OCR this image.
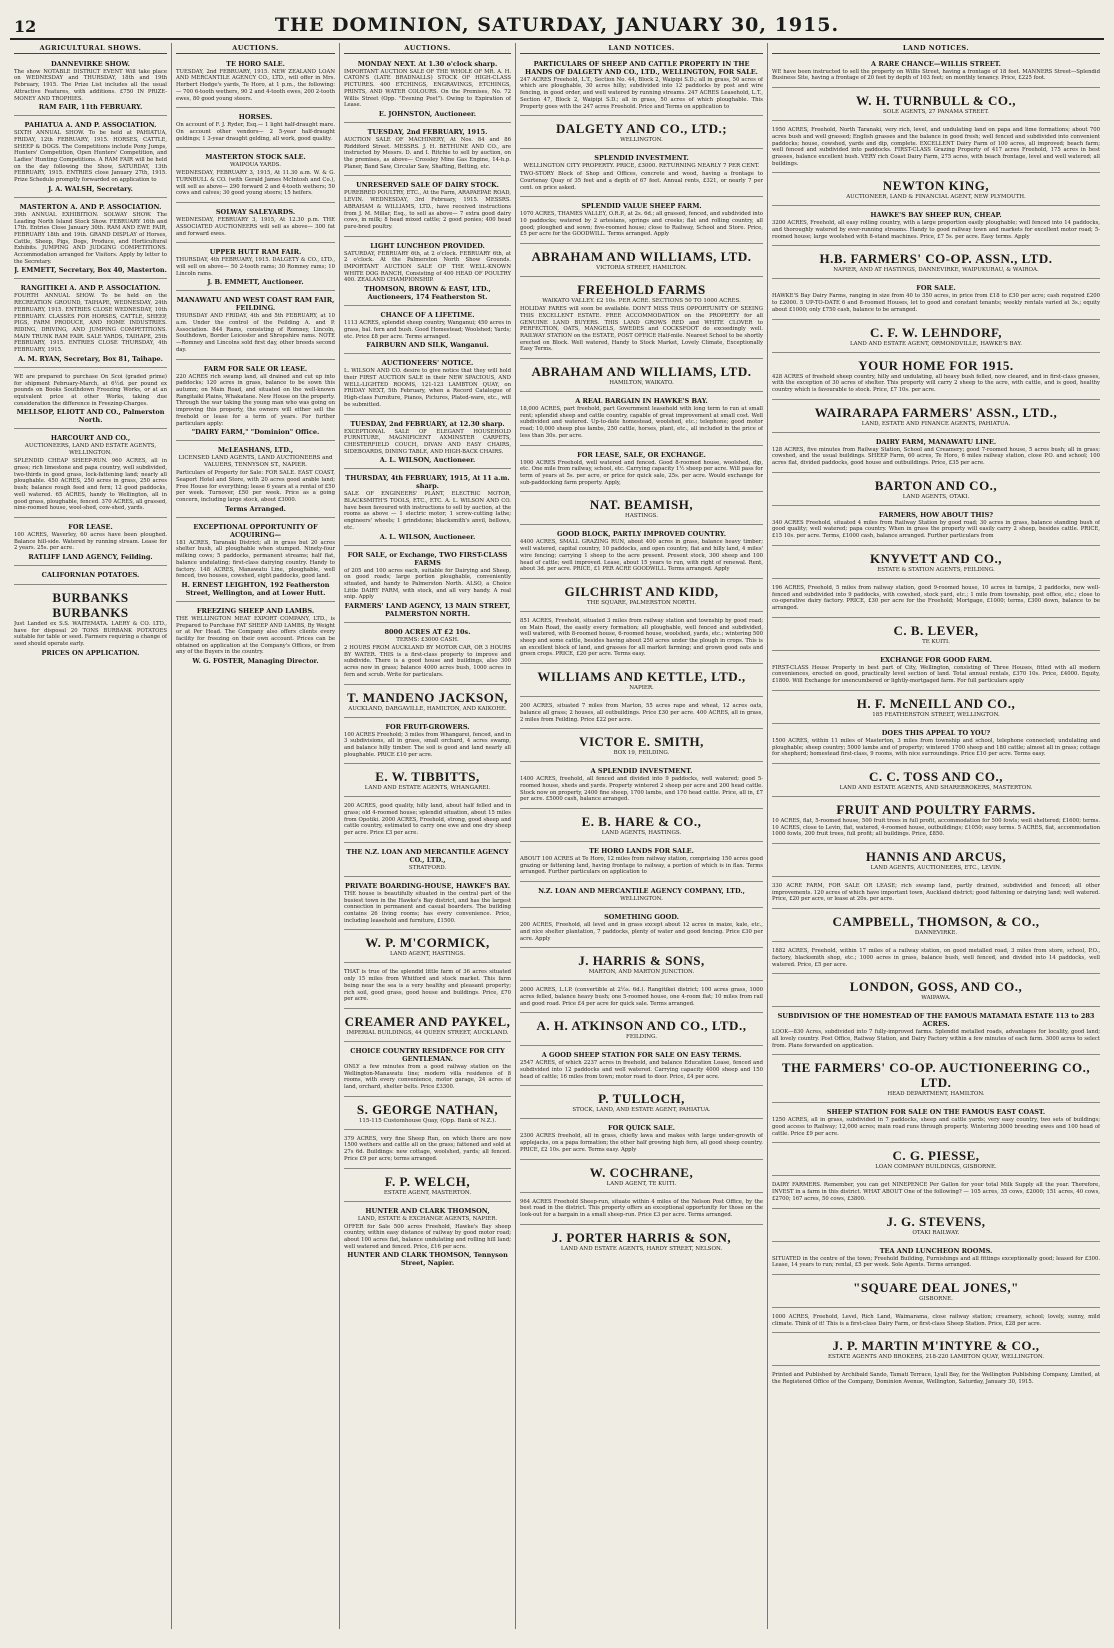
12	THE DOMINION, SATURDAY, JANUARY 30, 1915.
AGRICULTURAL SHOWS.
DANNEVIRKE SHOW.
The show NOTABLE DISTRICT EVENT Will take place on WEDNESDAY and THURSDAY, 18th and 19th February, 1915. The Prize List includes all the usual Attractive Features, with additions. £750 IN PRIZE-MONEY AND TROPHIES.
RAM FAIR, 11th FEBRUARY.
PAHIATUA A. AND P. ASSOCIATION.
SIXTH ANNUAL SHOW. To be held at PAHIATUA, FRIDAY, 12th FEBRUARY, 1915. HORSES, CATTLE, SHEEP & DOGS. The Competitions include Pony Jumps, Hunters' Competition, Open Hunters' Competition, and Ladies' Hunting Competitions. A RAM FAIR will be held on the day following the Show, SATURDAY, 13th FEBRUARY, 1915. ENTRIES close January 27th, 1915. Prize Schedule promptly forwarded on application to
J. A. WALSH, Secretary.
MASTERTON A. AND P. ASSOCIATION.
39th ANNUAL EXHIBITION. SOLWAY SHOW. The Leading North Island Stock Show. FEBRUARY 16th and 17th. Entries Close January 30th. RAM AND EWE FAIR, FEBRUARY 18th and 19th. GRAND DISPLAY of Horses, Cattle, Sheep, Pigs, Dogs, Produce, and Horticultural Exhibits. JUMPING AND JUDGING COMPETITIONS. Accommodation arranged for Visitors. Apply by letter to the Secretary.
J. EMMETT, Secretary, Box 40, Masterton.
RANGITIKEI A. AND P. ASSOCIATION.
FOURTH ANNUAL SHOW. To be held on the RECREATION GROUND, TAIHAPE, WEDNESDAY, 24th FEBRUARY, 1915. ENTRIES CLOSE WEDNESDAY, 10th FEBRUARY. CLASSES FOR HORSES, CATTLE, SHEEP, PIGS, FARM PRODUCE, AND HOME INDUSTRIES. RIDING, DRIVING, AND JUMPING COMPETITIONS. MAIN TRUNK RAM FAIR. SALE YARDS, TAIHAPE, 25th FEBRUARY, 1915. ENTRIES CLOSE THURSDAY, 4th FEBRUARY, 1915.
A. M. RYAN, Secretary, Box 81, Taihape.
WE are prepared to purchase On Scoi (graded prime) for shipment February-March, at 6½d. per pound ex pounds on Books Southdown Freezing Works, or at an equivalent price at other Works, taking due consideration the difference in Freezing-Charges.
MELLSOP, ELIOTT AND CO., Palmerston North.
HARCOURT AND CO.,
AUCTIONEERS, LAND AND ESTATE AGENTS, WELLINGTON.
SPLENDID CHEAP SHEEP-RUN. 960 ACRES, all in grass; rich limestone and papa country, well subdivided, two-thirds in good grass, lock-fattening land; nearly all ploughable. 450 ACRES, 250 acres in grass, 250 acres bush; balance rough feed and fern; 12 good paddocks, well watered. 65 ACRES, handy to Wellington, all in good grass, ploughable, fenced. 370 ACRES, all grassed, nine-roomed house, wool-shed, cow-shed, yards.
FOR LEASE.
100 ACRES, Waverley, 60 acres have been ploughed. Balance hill-side. Watered by running stream. Lease for 2 years. 25s. per acre.
RATLIFF LAND AGENCY, Feilding.
CALIFORNIAN POTATOES.
BURBANKS BURBANKS
Just Landed ex S.S. WAITEMATA. LAERY & CO. LTD., have for disposal 20 TONS BURBANK POTATOES suitable for table or seed. Farmers requiring a change of seed should operate early.
PRICES ON APPLICATION.
AUCTIONS.
TE HORO SALE.
TUESDAY, 2nd FEBRUARY, 1915. NEW ZEALAND LOAN AND MERCANTILE AGENCY CO., LTD., will offer in Mrs. Herbert Hodge's yards, Te Horo, at 1 p.m., the following:— 700 6-tooth wethers, 90 2 and 4-tooth ewes, 200 2-tooth ewes, 80 good young steers.
HORSES.
On account of F. J. Ryder, Esq.— 1 light half-draught mare. On account other vendors— 2 5-year half-draught geldings; 1 3-year draught gelding, all work, good quality.
MASTERTON STOCK SALE.
WAIPOUA YARDS.
WEDNESDAY, FEBRUARY 3, 1915, At 11.30 a.m. W. & G. TURNBULL & CO. (with Gerald James McIntosh and Co.), will sell as above— 290 forward 2 and 4-tooth wethers; 50 cows and calves; 30 good young steers; 15 heifers.
SOLWAY SALEYARDS.
WEDNESDAY, FEBRUARY 3, 1915, At 12.30 p.m. THE ASSOCIATED AUCTIONEERS will sell as above— 300 fat and forward ewes.
UPPER HUTT RAM FAIR.
THURSDAY, 4th FEBRUARY, 1915. DALGETY & CO., LTD., will sell on above— 50 2-tooth rams; 30 Romney rams; 10 Lincoln rams.
J. B. EMMETT, Auctioneer.
MANAWATU AND WEST COAST RAM FAIR, FEILDING.
THURSDAY AND FRIDAY, 4th and 5th FEBRUARY, at 10 a.m. Under the control of the Feilding A. and P. Association. 844 Rams, consisting of Romney, Lincoln, Southdown, Border Leicester and Shropshire rams. NOTE—Romney and Lincolns sold first day, other breeds second day.
FARM FOR SALE OR LEASE.
220 ACRES rich swamp land, all drained and cut up into paddocks; 120 acres in grass, balance to be sown this autumn; on Main Road, and situated on the well-known Rangitaiki Plains, Whakatane. New House on the property. Through the war taking the young man who was going on improving this property, the owners will either sell the freehold or lease for a term of years. For further particulars apply:
"DAIRY FARM," "Dominion" Office.
McLEASHANS, LTD.,
LICENSED LAND AGENTS, LAND AUCTIONEERS and VALUERS, TENNYSON ST., NAPIER.
Particulars of Property for Sale: FOR SALE. EAST COAST, Seaport Hotel and Store, with 20 acres good arable land; Free House for everything; lease 6 years at a rental of £50 per week. Turnover, £50 per week. Price as a going concern, including large stock, about £3000.
Terms Arranged.
EXCEPTIONAL OPPORTUNITY OF ACQUIRING—
181 ACRES, Taranaki District; all in grass but 20 acres shelter bush, all ploughable when stumped. Ninety-four milking cows; 5 paddocks, permanent streams; half flat, balance undulating; first-class dairying country. Handy to factory. 148 ACRES, Manawatu Line, ploughable, well fenced, two houses, cowshed, eight paddocks, good land.
H. ERNEST LEIGHTON, 192 Featherston Street, Wellington, and at Lower Hutt.
FREEZING SHEEP AND LAMBS.
THE WELLINGTON MEAT EXPORT COMPANY, LTD., is Prepared to Purchase FAT SHEEP AND LAMBS, By Weight or at Per Head. The Company also offers clients every facility for freezing on their own account. Prices can be obtained on application at the Company's Offices, or from any of the Buyers in the country.
W. G. FOSTER, Managing Director.
AUCTIONS.
MONDAY NEXT. At 1.30 o'clock sharp.
IMPORTANT AUCTION SALE OF THE WHOLE OF MR. A. H. CATON'S (LATE BRADNALLS) STOCK OF HIGH-CLASS PICTURES. 400 ETCHINGS, ENGRAVINGS, ETCHINGS, PRINTS, AND WATER COLOURS. On the Premises, No. 72 Willis Street (Opp. "Evening Post"). Owing to Expiration of Lease.
E. JOHNSTON, Auctioneer.
TUESDAY, 2nd FEBRUARY, 1915.
AUCTION SALE OF MACHINERY, At Nos. 84 and 86 Riddiford Street. MESSRS. J. H. BETHUNE AND CO., are instructed by Messrs. D. and I. Ritchie to sell by auction, on the premises, as above— Crossley Mine Gas Engine, 14-h.p. Planer, Band Saw, Circular Saw, Shafting, Belting, etc.
UNRESERVED SALE OF DAIRY STOCK.
PUREBRED POULTRY, ETC., At the Farm, ARAPAEPAE ROAD, LEVIN. WEDNESDAY, 3rd February, 1915. MESSRS. ABRAHAM & WILLIAMS, LTD., have received instructions from J. M. Millar, Esq., to sell as above— 7 extra good dairy cows, in milk; 8 head mixed cattle; 2 good ponies; 400 head pure-bred poultry.
LIGHT LUNCHEON PROVIDED.
SATURDAY, FEBRUARY 6th, at 2 o'clock. FEBRUARY 6th, at 2 o'clock. At the Palmerston North Show Grounds. IMPORTANT AUCTION SALE OF THE WELL-KNOWN WHITE DOG RANCH, Consisting of 400 HEAD OF POULTRY 400. ZEALAND CHAMPIONSHIP.
THOMSON, BROWN & EAST, LTD., Auctioneers, 174 Featherston St.
CHANCE OF A LIFETIME.
1113 ACRES, splendid sheep country, Wanganui; 450 acres in grass, bal. fern and bush. Good Homestead; Woolshed; Yards; etc. Price £8 per acre. Terms arranged.
FAIRBURN AND SILK, Wanganui.
AUCTIONEERS' NOTICE.
L. WILSON AND CO. desire to give notice that they will hold their FIRST AUCTION SALE in their NEW SPACIOUS, AND WELL-LIGHTED ROOMS, 121-123 LAMBTON QUAY, on FRIDAY NEXT, 5th February, when a Record Catalogue of High-class Furniture, Pianos, Pictures, Plated-ware, etc., will be submitted.
TUESDAY, 2nd FEBRUARY, at 12.30 sharp.
EXCEPTIONAL SALE OF ELEGANT HOUSEHOLD FURNITURE, MAGNIFICENT AXMINSTER CARPETS, CHESTERFIELD COUCH, DIVAN AND EASY CHAIRS, SIDEBOARDS, DINING TABLE, AND HIGH-BACK CHAIRS.
A. L. WILSON, Auctioneer.
THURSDAY, 4th FEBRUARY, 1915, At 11 a.m. sharp.
SALE OF ENGINEERS' PLANT, ELECTRIC MOTOR, BLACKSMITH'S TOOLS, ETC., ETC. A. L. WILSON AND CO. have been favoured with instructions to sell by auction, at the rooms as above — 1 electric motor; 1 screw-cutting lathe; engineers' wheels; 1 grindstone; blacksmith's anvil, bellows, etc.
A. L. WILSON, Auctioneer.
FOR SALE, or Exchange, TWO FIRST-CLASS FARMS
of 205 and 100 acres each, suitable for Dairying and Sheep, on good roads; large portion ploughable, conveniently situated, and handy to Palmerston North. ALSO, a Choice Little DAIRY FARM, with stock, and all very handy. A real snip. Apply
FARMERS' LAND AGENCY, 13 MAIN STREET, PALMERSTON NORTH.
8000 ACRES AT £2 10s.
TERMS: £3000 CASH.
2 HOURS FROM AUCKLAND BY MOTOR CAR, OR 3 HOURS BY WATER. THIS is a first-class property to improve and subdivide. There is a good house and buildings, also 300 acres now in grass; balance 4000 acres bush, 1000 acres in fern and scrub. Write for particulars.
T. MANDENO JACKSON,
AUCKLAND, DARGAVILLE, HAMILTON, AND KAIKOHE.
FOR FRUIT-GROWERS.
100 ACRES Freehold; 3 miles from Whangarei, fenced, and in 3 subdivisions, all in grass, small orchard, 4 acres swamp, and balance hilly timber. The soil is good and land nearly all ploughable. PRICE £10 per acre.
E. W. TIBBITTS,
LAND AND ESTATE AGENTS, WHANGAREI.
200 ACRES, good quality, hilly land, about half felled and in grass; old 4-roomed house; splendid situation, about 15 miles from Opotiki. 2000 ACRES, Freehold, strong, good sheep and cattle country, estimated to carry one ewe and one dry sheep per acre. Price £3 per acre.
THE N.Z. LOAN AND MERCANTILE AGENCY CO., LTD.,
STRATFORD.
PRIVATE BOARDING-HOUSE, HAWKE'S BAY.
THE house is beautifully situated in the central part of the busiest town in the Hawke's Bay district, and has the largest connection in permanent and casual boarders. The building contains 26 living rooms; has every convenience. Price, including leasehold and furniture, £1500.
W. P. M'CORMICK,
LAND AGENT, HASTINGS.
THAT is true of the splendid little farm of 36 acres situated only 15 miles from Whitford and stock market. This farm being near the sea is a very healthy and pleasant property; rich soil, good grass, good house and buildings. Price, £70 per acre.
CREAMER AND PAYKEL,
IMPERIAL BUILDINGS, 44 QUEEN STREET, AUCKLAND.
CHOICE COUNTRY RESIDENCE FOR CITY GENTLEMAN.
ONLY a few minutes from a good railway station on the Wellington-Manawatu line; modern villa residence of 8 rooms, with every convenience, motor garage, 24 acres of land, orchard, shelter belts. Price £3300.
S. GEORGE NATHAN,
115-115 Customhouse Quay, (Opp. Bank of N.Z.).
379 ACRES, very fine Sheep Run, on which there are now 1500 wethers and cattle all on the grass; fattened and sold at 27s 6d. Buildings: new cottage, woolshed, yards; all fenced. Price £9 per acre; terms arranged.
F. P. WELCH,
ESTATE AGENT, MASTERTON.
HUNTER AND CLARK THOMSON,
LAND, ESTATE & EXCHANGE AGENTS, NAPIER.
OFFER for Sale 500 acres Freehold, Hawke's Bay sheep country, within easy distance of railway by good motor road; about 100 acres flat, balance undulating and rolling hill land; well watered and fenced. Price, £16 per acre.
HUNTER AND CLARK THOMSON, Tennyson Street, Napier.
LAND NOTICES.
PARTICULARS OF SHEEP AND CATTLE PROPERTY IN THE HANDS OF DALGETY AND CO., LTD., WELLINGTON, FOR SALE.
247 ACRES Freehold, L.T., Section No. 44, Block 2, Waipipi S.D.; all in grass, 50 acres of which are ploughable, 30 acres hilly; subdivided into 12 paddocks by post and wire fencing, in good order, and well watered by running streams. 247 ACRES Leasehold, L.T., Section 47, Block 2, Waipipi S.D.; all in grass, 50 acres of which ploughable. This Property goes with the 247 acres Freehold. Price and Terms on application to
DALGETY AND CO., LTD.;
WELLINGTON.
SPLENDID INVESTMENT.
WELLINGTON CITY PROPERTY. PRICE, £3000. RETURNING NEARLY 7 PER CENT.
TWO-STORY Block of Shop and Offices, concrete and wood, having a frontage to Courtenay Quay of 35 feet and a depth of 67 feet. Annual rents, £321, or nearly 7 per cent. on price asked.
SPLENDID VALUE SHEEP FARM.
1070 ACRES, THAMES VALLEY, O.R.P., at 2s. 6d.; all grassed, fenced, and subdivided into 10 paddocks; watered by 2 artesians, springs and creeks; flat and rolling country, all good; ploughed and sown; five-roomed house; close to Railway, School and Store. Price, £5 per acre for the GOODWILL. Terms arranged. Apply
ABRAHAM AND WILLIAMS, LTD.
VICTORIA STREET, HAMILTON.
FREEHOLD FARMS
WAIKATO VALLEY. £2 10s. PER ACRE. SECTIONS 50 TO 1000 ACRES.
HOLIDAY FARES will soon be available. DON'T MISS THIS OPPORTUNITY OF SEEING THIS EXCELLENT ESTATE. FREE ACCOMMODATION on the PROPERTY for all GENUINE LAND BUYERS. THIS LAND GROWS RED and WHITE CLOVER to PERFECTION, OATS, MANGELS, SWEDES and COCKSFOOT do exceedingly well. RAILWAY STATION on the ESTATE, POST OFFICE Half-mile. Nearest School to be shortly erected on Block. Well watered, Handy to Stock Market, Lovely Climate, Exceptionally Easy Terms.
ABRAHAM AND WILLIAMS, LTD.
HAMILTON, WAIKATO.
A REAL BARGAIN IN HAWKE'S BAY.
18,000 ACRES, part freehold, part Government leasehold with long term to run at small rent; splendid sheep and cattle country, capable of great improvement at small cost. Well subdivided and watered. Up-to-date homestead, woolshed, etc.; telephone; good motor road; 10,000 sheep plus lambs, 250 cattle, horses, plant, etc., all included in the price of less than 30s. per acre.
FOR LEASE, SALE, OR EXCHANGE.
1900 ACRES Freehold, well watered and fenced. Good 8-roomed house, woolshed, dip, etc. One mile from railway, school, etc. Carrying capacity 1½ sheep per acre. Will pass for term of years at 5s. per acre, or price for quick sale, 25s. per acre. Would exchange for sub-paddocking farm property. Apply,
NAT. BEAMISH,
HASTINGS.
GOOD BLOCK, PARTLY IMPROVED COUNTRY.
4400 ACRES, SMALL GRAZING RUN, about 400 acres in grass, balance heavy timber; well watered, capital country, 10 paddocks, and open country, flat and hilly land, 4 miles' wire fencing; carrying 1 sheep to the acre present. Present stock, 300 sheep and 100 head of cattle; well improved. Lease, about 15 years to run, with right of renewal. Rent, about 3d. per acre. PRICE, £1 PER ACRE GOODWILL. Terms arranged. Apply
GILCHRIST AND KIDD,
THE SQUARE, PALMERSTON NORTH.
851 ACRES, Freehold, situated 3 miles from railway station and township by good road; on Main Road, the easily every formation; all ploughable, well fenced and subdivided, well watered, with 8-roomed house, 6-roomed house, woolshed, yards, etc.; wintering 500 sheep and some cattle, besides having about 250 acres under the plough in crops. This is an excellent block of land, and grasses for all market farming; and grown good oats and green crops. PRICE, £20 per acre. Terms easy.
WILLIAMS AND KETTLE, LTD.,
NAPIER.
200 ACRES, situated 7 miles from Marton, 55 acres rape and wheat, 12 acres oats, balance all grass; 2 houses, all outbuildings. Price £30 per acre. 400 ACRES, all in grass, 2 miles from Feilding. Price £22 per acre.
VICTOR E. SMITH,
BOX 19, FEILDING.
A SPLENDID INVESTMENT.
1400 ACRES, freehold, all fenced and divided into 9 paddocks, well watered; good 5-roomed house, sheds and yards. Property wintered 2 sheep per acre and 200 head cattle. Stock now on property, 2400 fine sheep, 1700 lambs, and 170 head cattle. Price, all in, £7 per acre. £5000 cash, balance arranged.
E. B. HARE & CO.,
LAND AGENTS, HASTINGS.
TE HORO LANDS FOR SALE.
ABOUT 100 ACRES at Te Horo, 12 miles from railway station, comprising 150 acres good grazing or fattening land, having frontage to railway, a portion of which is in flax. Terms arranged. Further particulars on application to
N.Z. LOAN AND MERCANTILE AGENCY COMPANY, LTD.,
WELLINGTON.
SOMETHING GOOD.
200 ACRES, Freehold, all level and in grass except about 12 acres in maize, kale, etc., and nice shelter plantation, 7 paddocks, plenty of water and good fencing. Price £30 per acre. Apply
J. HARRIS & SONS,
MARTON, AND MARTON JUNCTION.
2000 ACRES, L.I.P. (convertible at 2½s. 6d.). Rangitikei district; 100 acres grass, 1000 acres felled, balance heavy bush; one 5-roomed house, one 4-room flat; 10 miles from rail and good road. Price £4 per acre for quick sale. Terms arranged.
A. H. ATKINSON AND CO., LTD.,
FEILDING.
A GOOD SHEEP STATION FOR SALE ON EASY TERMS.
2547 ACRES, of which 2237 acres in freehold, and balance Education Lease, fenced and subdivided into 12 paddocks and well watered. Carrying capacity 4000 sheep and 150 head of cattle; 16 miles from town; motor road to door. Price, £4 per acre.
P. TULLOCH,
STOCK, LAND, AND ESTATE AGENT, PAHIATUA.
FOR QUICK SALE.
2300 ACRES freehold, all in grass, chiefly lawa and makes with large under-growth of applejacks, on a papa formation; the other half growing high fern, all good sheep country. PRICE, £2 10s. per acre. Terms easy. Apply
W. COCHRANE,
LAND AGENT, TE KUITI.
964 ACRES Freehold Sheep-run, situate within 4 miles of the Nelson Post Office, by the best road in the district. This property offers an exceptional opportunity for those on the look-out for a bargain in a small sheep-run. Price £3 per acre. Terms arranged.
J. PORTER HARRIS & SON,
LAND AND ESTATE AGENTS, HARDY STREET, NELSON.
LAND NOTICES.
A RARE CHANCE—WILLIS STREET.
WE have been instructed to sell the property on Willis Street, having a frontage of 18 feet. MANNERS Street—Splendid Business Site, having a frontage of 20 feet by depth of 103 feet; on monthly tenancy. Price, £225 foot.
W. H. TURNBULL & CO.,
SOLE AGENTS, 27 PANAMA STREET.
1950 ACRES, Freehold, North Taranaki, very rich, level, and undulating land on papa and lime formations; about 700 acres bush and well grassed; English grasses and the balance in good fresh; well fenced and subdivided into convenient paddocks; house, cowshed, yards and dip, complete. EXCELLENT Dairy Farm of 100 acres, all improved; beach farm; well fenced and subdivided into paddocks. FIRST-CLASS Grazing Property of 417 acres Freehold, 175 acres in best grasses, balance excellent bush. VERY rich Coast Dairy Farm, 275 acres, with beach frontage, level and well watered; all buildings.
NEWTON KING,
AUCTIONEER, LAND & FINANCIAL AGENT, NEW PLYMOUTH.
HAWKE'S BAY SHEEP RUN, CHEAP.
3200 ACRES, Freehold, all easy rolling country, with a large proportion easily ploughable; well fenced into 14 paddocks, and thoroughly watered by ever-running streams. Handy to good railway town and markets for excellent motor road; 5-roomed house; large woolshed with 8-stand machines. Price, £7 5s. per acre. Easy terms. Apply
H.B. FARMERS' CO-OP. ASSN., LTD.
NAPIER, AND AT HASTINGS, DANNEVIRKE, WAIPUKURAU, & WAIROA.
FOR SALE.
HAWKE'S Bay Dairy Farms, ranging in size from 40 to 350 acres, in price from £18 to £30 per acre; cash required £200 to £2000. 5 UP-TO-DATE 6 and 8-roomed Houses, let to good and constant tenants; weekly rentals varied at 3s.; equity about £1000; only £750 cash, balance to be arranged.
C. F. W. LEHNDORF,
LAND AND ESTATE AGENT, ORMONDVILLE, HAWKE'S BAY.
YOUR HOME FOR 1915.
428 ACRES of freehold sheep country, hilly and undulating, all heavy bush felled, now cleared, and in first-class grasses, with the exception of 30 acres of shelter. This property will carry 2 sheep to the acre, with cattle, and is good, healthy country which is favourable to stock. Price, £7 10s. per acre.
WAIRARAPA FARMERS' ASSN., LTD.,
LAND, ESTATE AND FINANCE AGENTS, PAHIATUA.
DAIRY FARM, MANAWATU LINE.
128 ACRES, five minutes from Railway Station, School and Creamery; good 7-roomed house, 5 acres bush; all in grass; cowshed, and the usual buildings. SHEEP Farm, 60 acres, Te Horo, 6 miles railway station, close P.O. and school; 100 acres flat, divided paddocks, good house and outbuildings. Price, £35 per acre.
BARTON AND CO.,
LAND AGENTS, OTAKI.
FARMERS, HOW ABOUT THIS?
340 ACRES Freehold, situated 4 miles from Railway Station by good road; 30 acres in grass, balance standing bush of good quality; well watered; papa country. When in grass the property will easily carry 2 sheep, besides cattle. PRICE, £15 10s. per acre. Terms, £1000 cash, balance arranged. Further particulars from
KNYVETT AND CO.,
ESTATE & STATION AGENTS, FEILDING.
196 ACRES, Freehold, 5 miles from railway station, good 9-roomed house, 10 acres in turnips, 2 paddocks, new well-fenced and subdivided into 9 paddocks, with cowshed, stock yard, etc.; 1 mile from township, post office, etc.; close to co-operative dairy factory. PRICE, £30 per acre for the Freehold; Mortgage, £1000; terms, £300 down, balance to be arranged.
C. B. LEVER,
TE KUITI.
EXCHANGE FOR GOOD FARM.
FIRST-CLASS House Property in best part of City, Wellington, consisting of Three Houses, fitted with all modern conveniences, erected on good, practically level section of land. Total annual rentals, £370 10s. Price, £4000. Equity, £1800. Will Exchange for unencumbered or lightly-mortgaged farm. For full particulars apply
H. F. McNEILL AND CO.,
185 FEATHERSTON STREET, WELLINGTON.
DOES THIS APPEAL TO YOU?
1500 ACRES, within 11 miles of Masterton, 3 miles from township and school, telephone connected; undulating and ploughable; sheep country; 5000 lambs and of property; wintered 1700 sheep and 180 cattle; almost all in grass; cottage for shepherd; homestead first-class, 9 rooms, with nice surroundings. Price £10 per acre. Terms easy.
C. C. TOSS AND CO.,
LAND AND ESTATE AGENTS, AND SHAREBROKERS, MASTERTON.
FRUIT AND POULTRY FARMS.
10 ACRES, flat, 5-roomed house, 500 fruit trees in full profit, accommodation for 500 fowls; well sheltered; £1600; terms. 10 ACRES, close to Levin, flat, watered, 4-roomed house, outbuildings; £1050; easy terms. 5 ACRES, flat, accommodation 1000 fowls, 200 fruit trees, full profit; all buildings. Price, £850.
HANNIS AND ARCUS,
LAND AGENTS, AUCTIONEERS, ETC., LEVIN.
330 ACRE FARM, FOR SALE OR LEASE; rich swamp land, partly drained, subdivided and fenced; all other improvements. 120 acres of which have important town, Auckland district; good fattening or dairying land; well watered. Price, £20 per acre, or lease at 20s. per acre.
CAMPBELL, THOMSON, & CO.,
DANNEVIRKE.
1882 ACRES, Freehold, within 17 miles of a railway station, on good metalled road, 3 miles from store, school, P.O., factory, blacksmith shop, etc.; 1000 acres in grass, balance bush, well fenced, and divided into 14 paddocks, well watered. Price, £5 per acre.
LONDON, GOSS, AND CO.,
WAIPAWA.
SUBDIVISION OF THE HOMESTEAD OF THE FAMOUS MATAMATA ESTATE 113 to 283 ACRES.
LOOK—830 Acres, subdivided into 7 fully-improved farms. Splendid metalled roads, advantages for locality, good land; all lovely country. Post Office, Railway Station, and Dairy Factory within a few minutes of each farm. 3000 acres to select from. Plans forwarded on application.
THE FARMERS' CO-OP. AUCTIONEERING CO., LTD.
HEAD DEPARTMENT, HAMILTON.
SHEEP STATION FOR SALE ON THE FAMOUS EAST COAST.
1250 ACRES, all in grass, subdivided in 7 paddocks, sheep and cattle yards; very easy country, two sets of buildings; good access to Railway; 12,000 acres; main road runs through property. Wintering 3000 breeding ewes and 100 head of cattle. Price £9 per acre.
C. G. PIESSE,
LOAN COMPANY BUILDINGS, GISBORNE.
DAIRY FARMERS. Remember, you can get NINEPENCE Per Gallon for your total Milk Supply all the year. Therefore, INVEST in a farm in this district. WHAT ABOUT One of the following? — 105 acres, 35 cows, £2000; 151 acres, 40 cows, £2700; 167 acres, 50 cows, £3800.
J. G. STEVENS,
OTAKI RAILWAY.
TEA AND LUNCHEON ROOMS.
SITUATED in the centre of the town; Freehold Building, Furnishings and all fittings exceptionally good; leased for £300. Lease, 14 years to run; rental, £5 per week. Sole Agents. Terms arranged.
"SQUARE DEAL JONES,"
GISBORNE.
1000 ACRES, Freehold, Level, Rich Land, Waimarama, close railway station; creamery, school; lovely, sunny, mild climate. Think of it! This is a first-class Dairy Farm, or first-class Sheep Station. Price, £28 per acre.
J. P. MARTIN M'INTYRE & CO.,
ESTATE AGENTS AND BROKERS, 218-220 LAMBTON QUAY, WELLINGTON.
Printed and Published by Archibald Sando, Tamati Terrace, Lyall Bay, for the Wellington Publishing Company, Limited, at the Registered Office of the Company, Dominion Avenue, Wellington, Saturday, January 30, 1915.
